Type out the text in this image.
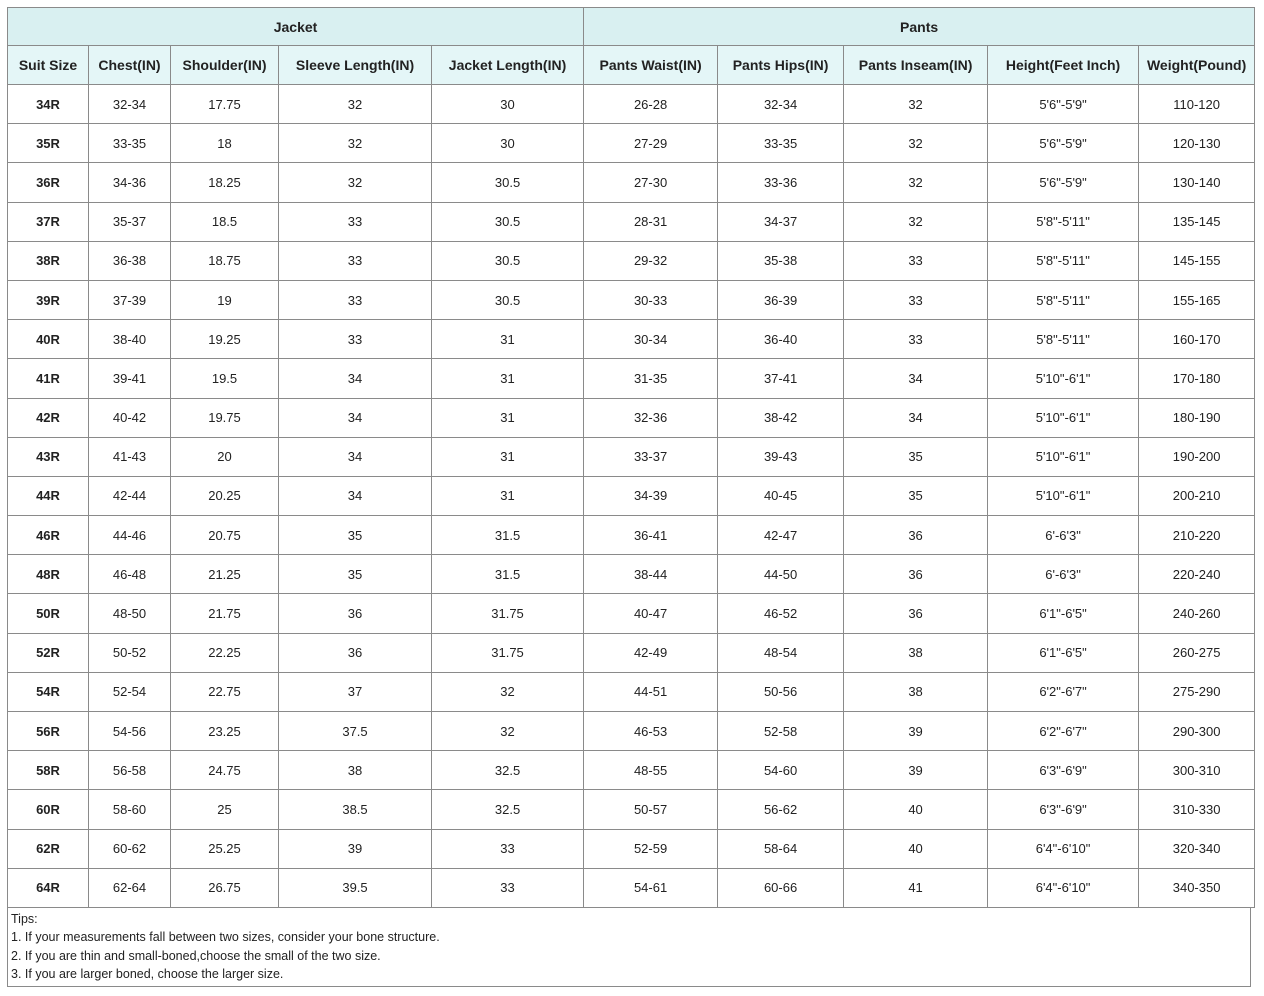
Jacket					Pants				
Suit Size	Chest(IN)	Shoulder(IN)	Sleeve Length(IN)	Jacket Length(IN)	Pants Waist(IN)	Pants Hips(IN)	Pants Inseam(IN)	Height(Feet Inch)	Weight(Pound)
34R	32-34	17.75	32	30	26-28	32-34	32	5'6"-5'9"	110-120
35R	33-35	18	32	30	27-29	33-35	32	5'6"-5'9"	120-130
36R	34-36	18.25	32	30.5	27-30	33-36	32	5'6"-5'9"	130-140
37R	35-37	18.5	33	30.5	28-31	34-37	32	5'8"-5'11"	135-145
38R	36-38	18.75	33	30.5	29-32	35-38	33	5'8"-5'11"	145-155
39R	37-39	19	33	30.5	30-33	36-39	33	5'8"-5'11"	155-165
40R	38-40	19.25	33	31	30-34	36-40	33	5'8"-5'11"	160-170
41R	39-41	19.5	34	31	31-35	37-41	34	5'10"-6'1"	170-180
42R	40-42	19.75	34	31	32-36	38-42	34	5'10"-6'1"	180-190
43R	41-43	20	34	31	33-37	39-43	35	5'10"-6'1"	190-200
44R	42-44	20.25	34	31	34-39	40-45	35	5'10"-6'1"	200-210
46R	44-46	20.75	35	31.5	36-41	42-47	36	6'-6'3"	210-220
48R	46-48	21.25	35	31.5	38-44	44-50	36	6'-6'3"	220-240
50R	48-50	21.75	36	31.75	40-47	46-52	36	6'1"-6'5"	240-260
52R	50-52	22.25	36	31.75	42-49	48-54	38	6'1"-6'5"	260-275
54R	52-54	22.75	37	32	44-51	50-56	38	6'2"-6'7"	275-290
56R	54-56	23.25	37.5	32	46-53	52-58	39	6'2"-6'7"	290-300
58R	56-58	24.75	38	32.5	48-55	54-60	39	6'3"-6'9"	300-310
60R	58-60	25	38.5	32.5	50-57	56-62	40	6'3"-6'9"	310-330
62R	60-62	25.25	39	33	52-59	58-64	40	6'4"-6'10"	320-340
64R	62-64	26.75	39.5	33	54-61	60-66	41	6'4"-6'10"	340-350
Tips:
1. If your measurements fall between two sizes, consider your bone structure.
2. If you are thin and small-boned,choose the small of the two size.
3. If you are larger boned, choose the larger size.
